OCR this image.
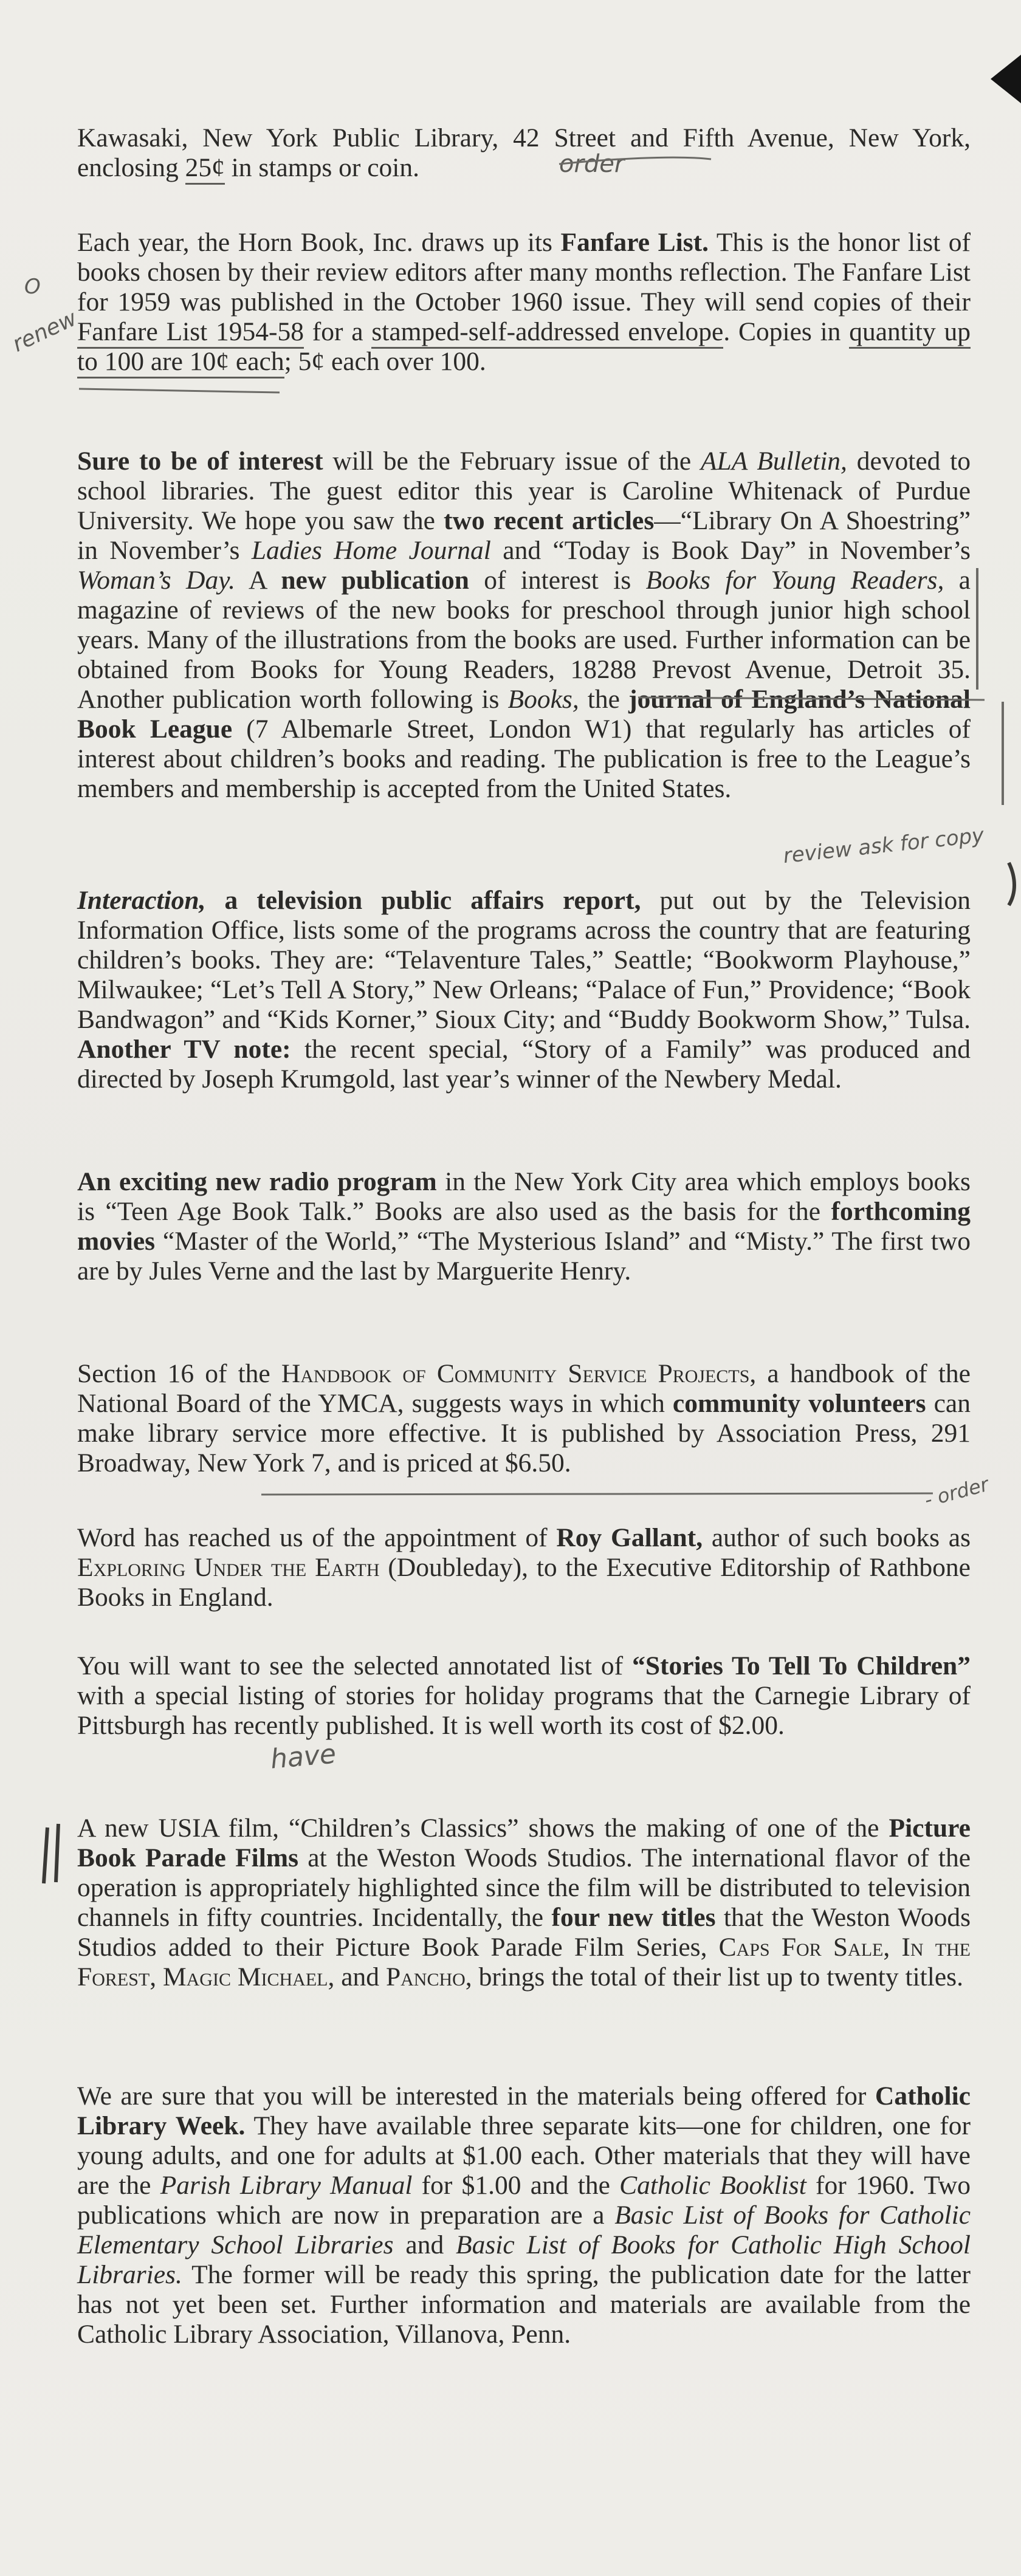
Kawasaki, New York Public Library, 42 Street and Fifth Avenue, New York, enclosing 25¢ in stamps or coin.

Each year, the Horn Book, Inc. draws up its Fanfare List. This is the honor list of books chosen by their review editors after many months reflection. The Fanfare List for 1959 was published in the October 1960 issue. They will send copies of their Fanfare List 1954-58 for a stamped-self-addressed envelope. Copies in quantity up to 100 are 10¢ each; 5¢ each over 100.

Sure to be of interest will be the February issue of the ALA Bulletin, devoted to school libraries. The guest editor this year is Caroline Whitenack of Purdue University. We hope you saw the two recent articles—“Library On A Shoestring” in November’s Ladies Home Journal and “Today is Book Day” in November’s Woman’s Day. A new publication of interest is Books for Young Readers, a magazine of reviews of the new books for preschool through junior high school years. Many of the illustrations from the books are used. Further information can be obtained from Books for Young Readers, 18288 Prevost Avenue, Detroit 35. Another publication worth following is Books, the journal of England’s National Book League (7 Albemarle Street, London W1) that regularly has articles of interest about children’s books and reading. The publication is free to the League’s members and membership is accepted from the United States.

Interaction, a television public affairs report, put out by the Television Information Office, lists some of the programs across the country that are featuring children’s books. They are: “Telaventure Tales,” Seattle; “Bookworm Playhouse,” Milwaukee; “Let’s Tell A Story,” New Orleans; “Palace of Fun,” Providence; “Book Bandwagon” and “Kids Korner,” Sioux City; and “Buddy Bookworm Show,” Tulsa. Another TV note: the recent special, “Story of a Family” was produced and directed by Joseph Krumgold, last year’s winner of the Newbery Medal.

An exciting new radio program in the New York City area which employs books is “Teen Age Book Talk.” Books are also used as the basis for the forthcoming movies “Master of the World,” “The Mysterious Island” and “Misty.” The first two are by Jules Verne and the last by Marguerite Henry.

Section 16 of the Handbook of Community Service Projects, a handbook of the National Board of the YMCA, suggests ways in which community volunteers can make library service more effective. It is published by Association Press, 291 Broadway, New York 7, and is priced at $6.50.

Word has reached us of the appointment of Roy Gallant, author of such books as Exploring Under the Earth (Doubleday), to the Executive Editorship of Rathbone Books in England.

You will want to see the selected annotated list of “Stories To Tell To Children” with a special listing of stories for holiday programs that the Carnegie Library of Pittsburgh has recently published. It is well worth its cost of $2.00.

A new USIA film, “Children’s Classics” shows the making of one of the Picture Book Parade Films at the Weston Woods Studios. The international flavor of the operation is appropriately highlighted since the film will be distributed to television channels in fifty countries. Incidentally, the four new titles that the Weston Woods Studios added to their Picture Book Parade Film Series, Caps For Sale, In the Forest, Magic Michael, and Pancho, brings the total of their list up to twenty titles.

We are sure that you will be interested in the materials being offered for Catholic Library Week. They have available three separate kits—one for children, one for young adults, and one for adults at $1.00 each. Other materials that they will have are the Parish Library Manual for $1.00 and the Catholic Booklist for 1960. Two publications which are now in preparation are a Basic List of Books for Catholic Elementary School Libraries and Basic List of Books for Catholic High School Libraries. The former will be ready this spring, the publication date for the latter has not yet been set. Further information and materials are available from the Catholic Library Association, Villanova, Penn.

order
O
renew
review ask for copy
- order
have
